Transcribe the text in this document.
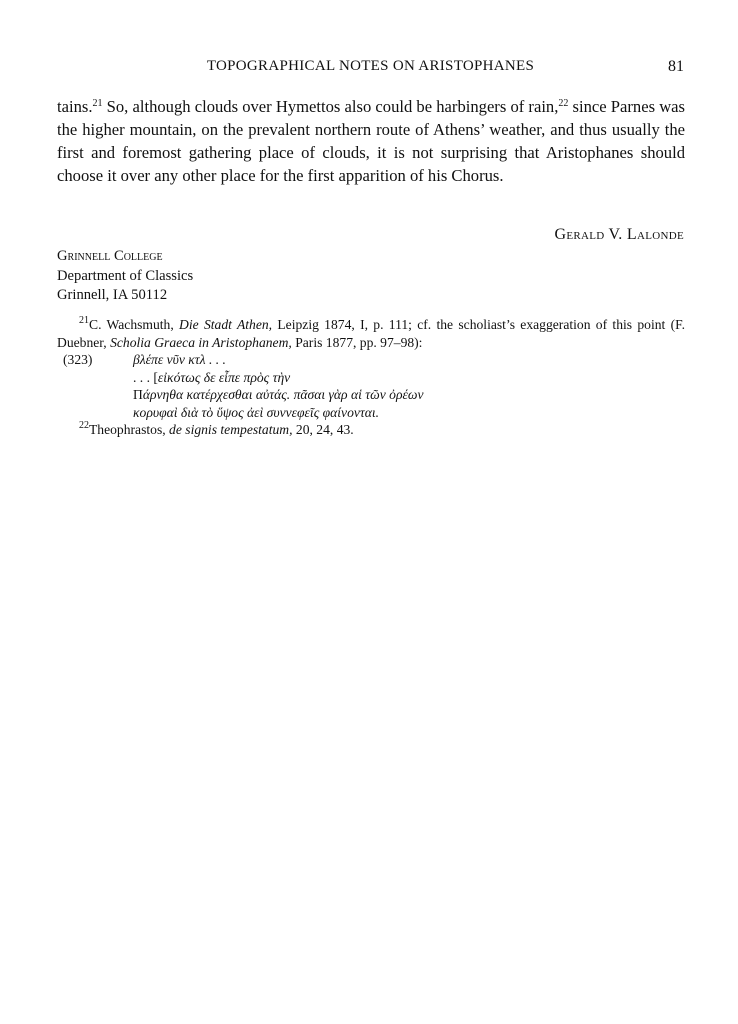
TOPOGRAPHICAL NOTES ON ARISTOPHANES	81
tains.$^{21}$ So, although clouds over Hymettos also could be harbingers of rain,$^{22}$ since Parnes was the higher mountain, on the prevalent northern route of Athens’ weather, and thus usually the first and foremost gathering place of clouds, it is not surprising that Aristophanes should choose it over any other place for the first apparition of his Chorus.
Gerald V. Lalonde
Grinnell College
Department of Classics
Grinnell, IA 50112

$^{21}$C. Wachsmuth, Die Stadt Athen, Leipzig 1874, I, p. 111; cf. the scholiast’s exaggeration of this point (F. Duebner, Scholia Graeca in Aristophanem, Paris 1877, pp. 97–98):

(323)	βλέπε νῦν κτλ . . .
. . . [εἰκότως δε εἶπε πρὸς τὴν
Πάρνηθα κατέρχεσθαι αὐτάς. πᾶσαι γὰρ αἱ τῶν ὀρέων
κορυφαὶ διὰ τὸ ὕψος ἀεὶ συννεφεῖς φαίνονται.

$^{22}$Theophrastos, de signis tempestatum, 20, 24, 43.
